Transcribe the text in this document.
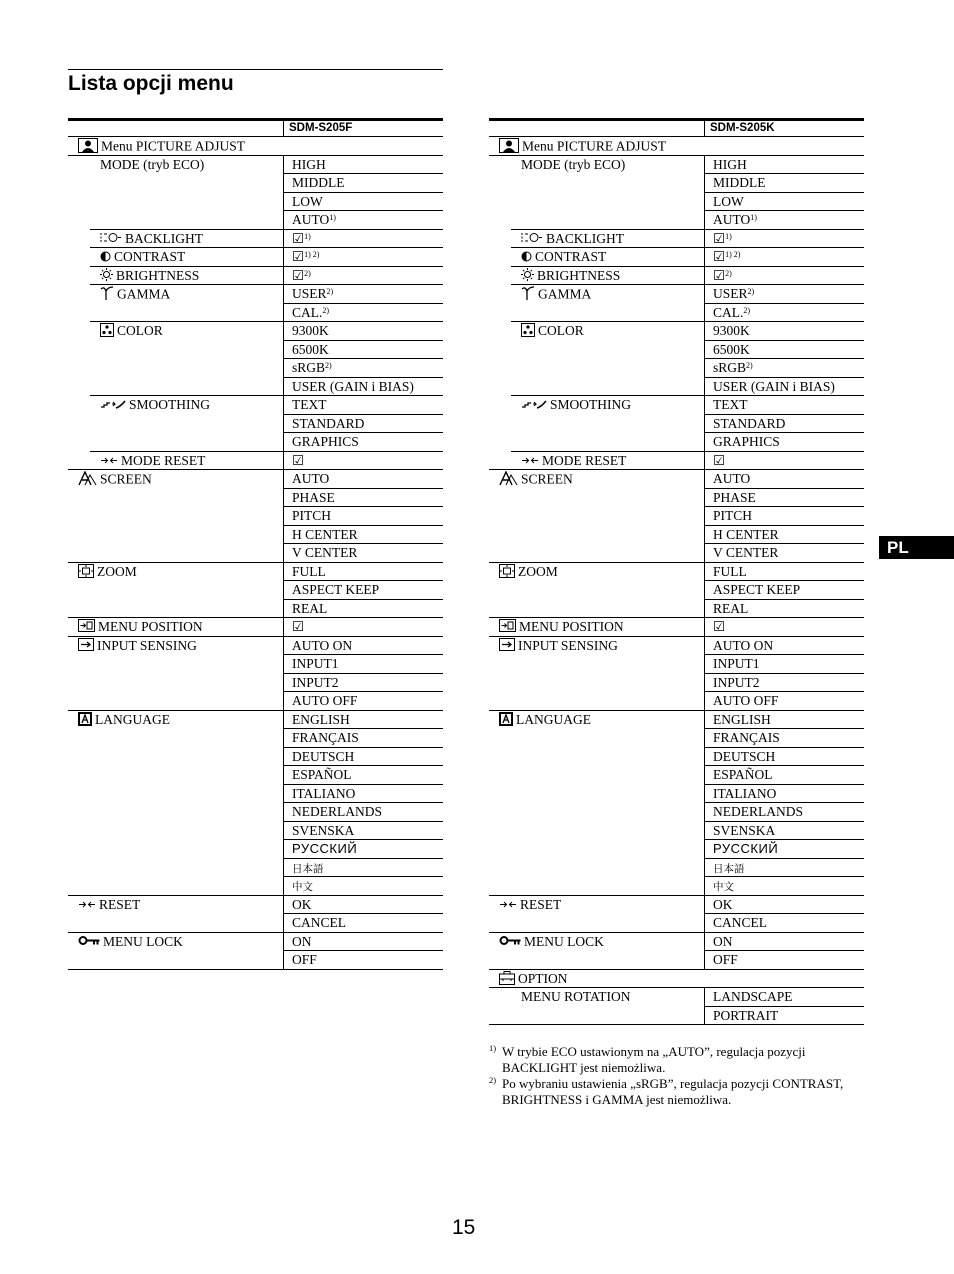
Lista opcji menu
SDM-S205F
Menu PICTURE ADJUST
MODE (tryb ECO)	HIGH
MIDDLE
LOW
AUTO$^{1)}$
BACKLIGHT	☑$^{1)}$
CONTRAST	☑$^{1) 2)}$
BRIGHTNESS	☑$^{2)}$
GAMMA	USER$^{2)}$
CAL.$^{2)}$
COLOR	9300K
6500K
sRGB$^{2)}$
USER (GAIN i BIAS)
SMOOTHING	TEXT
STANDARD
GRAPHICS
MODE RESET	☑
SCREEN	AUTO
PHASE
PITCH
H CENTER
V CENTER
ZOOM	FULL
ASPECT KEEP
REAL
MENU POSITION	☑
INPUT SENSING	AUTO ON
INPUT1
INPUT2
AUTO OFF
LANGUAGE	ENGLISH
FRANÇAIS
DEUTSCH
ESPAÑOL
ITALIANO
NEDERLANDS
SVENSKA
РУССКИЙ
日本語
中文
RESET	OK
CANCEL
MENU LOCK	ON
OFF
SDM-S205K
Menu PICTURE ADJUST
MODE (tryb ECO)	HIGH
MIDDLE
LOW
AUTO$^{1)}$
BACKLIGHT	☑$^{1)}$
CONTRAST	☑$^{1) 2)}$
BRIGHTNESS	☑$^{2)}$
GAMMA	USER$^{2)}$
CAL.$^{2)}$
COLOR	9300K
6500K
sRGB$^{2)}$
USER (GAIN i BIAS)
SMOOTHING	TEXT
STANDARD
GRAPHICS
MODE RESET	☑
SCREEN	AUTO
PHASE
PITCH
H CENTER
V CENTER
ZOOM	FULL
ASPECT KEEP
REAL
MENU POSITION	☑
INPUT SENSING	AUTO ON
INPUT1
INPUT2
AUTO OFF
LANGUAGE	ENGLISH
FRANÇAIS
DEUTSCH
ESPAÑOL
ITALIANO
NEDERLANDS
SVENSKA
РУССКИЙ
日本語
中文
RESET	OK
CANCEL
MENU LOCK	ON
OFF
OPTION
MENU ROTATION	LANDSCAPE
PORTRAIT
PL
1) W trybie ECO ustawionym na „AUTO”, regulacja pozycji BACKLIGHT jest niemożliwa.
2) Po wybraniu ustawienia „sRGB”, regulacja pozycji CONTRAST, BRIGHTNESS i GAMMA jest niemożliwa.
15
